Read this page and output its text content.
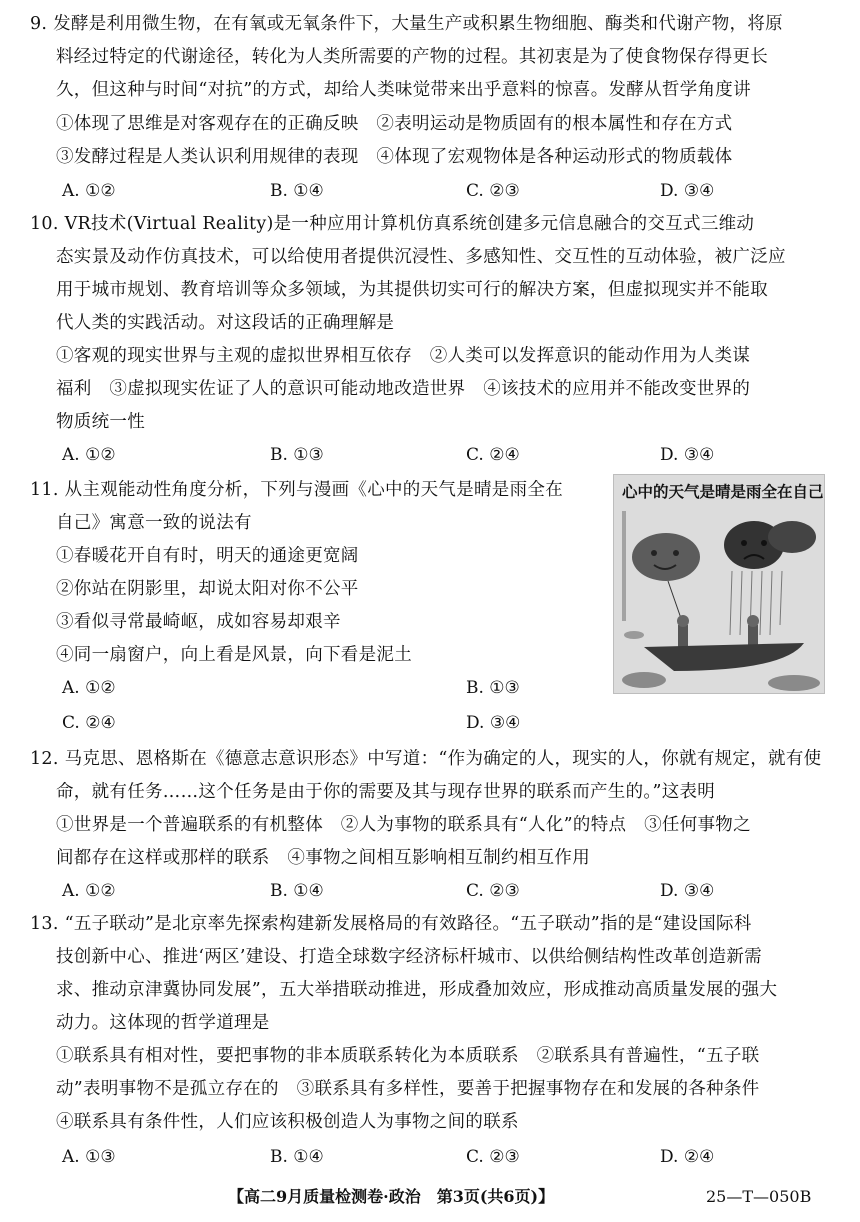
9. 发酵是利用微生物，在有氧或无氧条件下，大量生产或积累生物细胞、酶类和代谢产物，将原
料经过特定的代谢途径，转化为人类所需要的产物的过程。其初衷是为了使食物保存得更长
久，但这种与时间“对抗”的方式，却给人类味觉带来出乎意料的惊喜。发酵从哲学角度讲
①体现了思维是对客观存在的正确反映　②表明运动是物质固有的根本属性和存在方式
③发酵过程是人类认识利用规律的表现　④体现了宏观物体是各种运动形式的物质载体
A. ①②	B. ①④	C. ②③	D. ③④
10. VR技术(Virtual Reality)是一种应用计算机仿真系统创建多元信息融合的交互式三维动
态实景及动作仿真技术，可以给使用者提供沉浸性、多感知性、交互性的互动体验，被广泛应
用于城市规划、教育培训等众多领域，为其提供切实可行的解决方案，但虚拟现实并不能取
代人类的实践活动。对这段话的正确理解是
①客观的现实世界与主观的虚拟世界相互依存　②人类可以发挥意识的能动作用为人类谋
福利　③虚拟现实佐证了人的意识可能动地改造世界　④该技术的应用并不能改变世界的
物质统一性
A. ①②	B. ①③	C. ②④	D. ③④
11. 从主观能动性角度分析，下列与漫画《心中的天气是晴是雨全在
自己》寓意一致的说法有
①春暖花开自有时，明天的通途更宽阔
②你站在阴影里，却说太阳对你不公平
③看似寻常最崎岖，成如容易却艰辛
④同一扇窗户，向上看是风景，向下看是泥土
A. ①②	B. ①③
C. ②④	D. ③④
心中的天气是晴是雨全在自己
12. 马克思、恩格斯在《德意志意识形态》中写道：“作为确定的人，现实的人，你就有规定，就有使
命，就有任务……这个任务是由于你的需要及其与现存世界的联系而产生的。”这表明
①世界是一个普遍联系的有机整体　②人为事物的联系具有“人化”的特点　③任何事物之
间都存在这样或那样的联系　④事物之间相互影响相互制约相互作用
A. ①②	B. ①④	C. ②③	D. ③④
13. “五子联动”是北京率先探索构建新发展格局的有效路径。“五子联动”指的是“建设国际科
技创新中心、推进‘两区’建设、打造全球数字经济标杆城市、以供给侧结构性改革创造新需
求、推动京津冀协同发展”，五大举措联动推进，形成叠加效应，形成推动高质量发展的强大
动力。这体现的哲学道理是
①联系具有相对性，要把事物的非本质联系转化为本质联系　②联系具有普遍性，“五子联
动”表明事物不是孤立存在的　③联系具有多样性，要善于把握事物存在和发展的各种条件
④联系具有条件性，人们应该积极创造人为事物之间的联系
A. ①③	B. ①④	C. ②③	D. ②④
【高二9月质量检测卷·政治　第3页(共6页)】	25—T—050B
